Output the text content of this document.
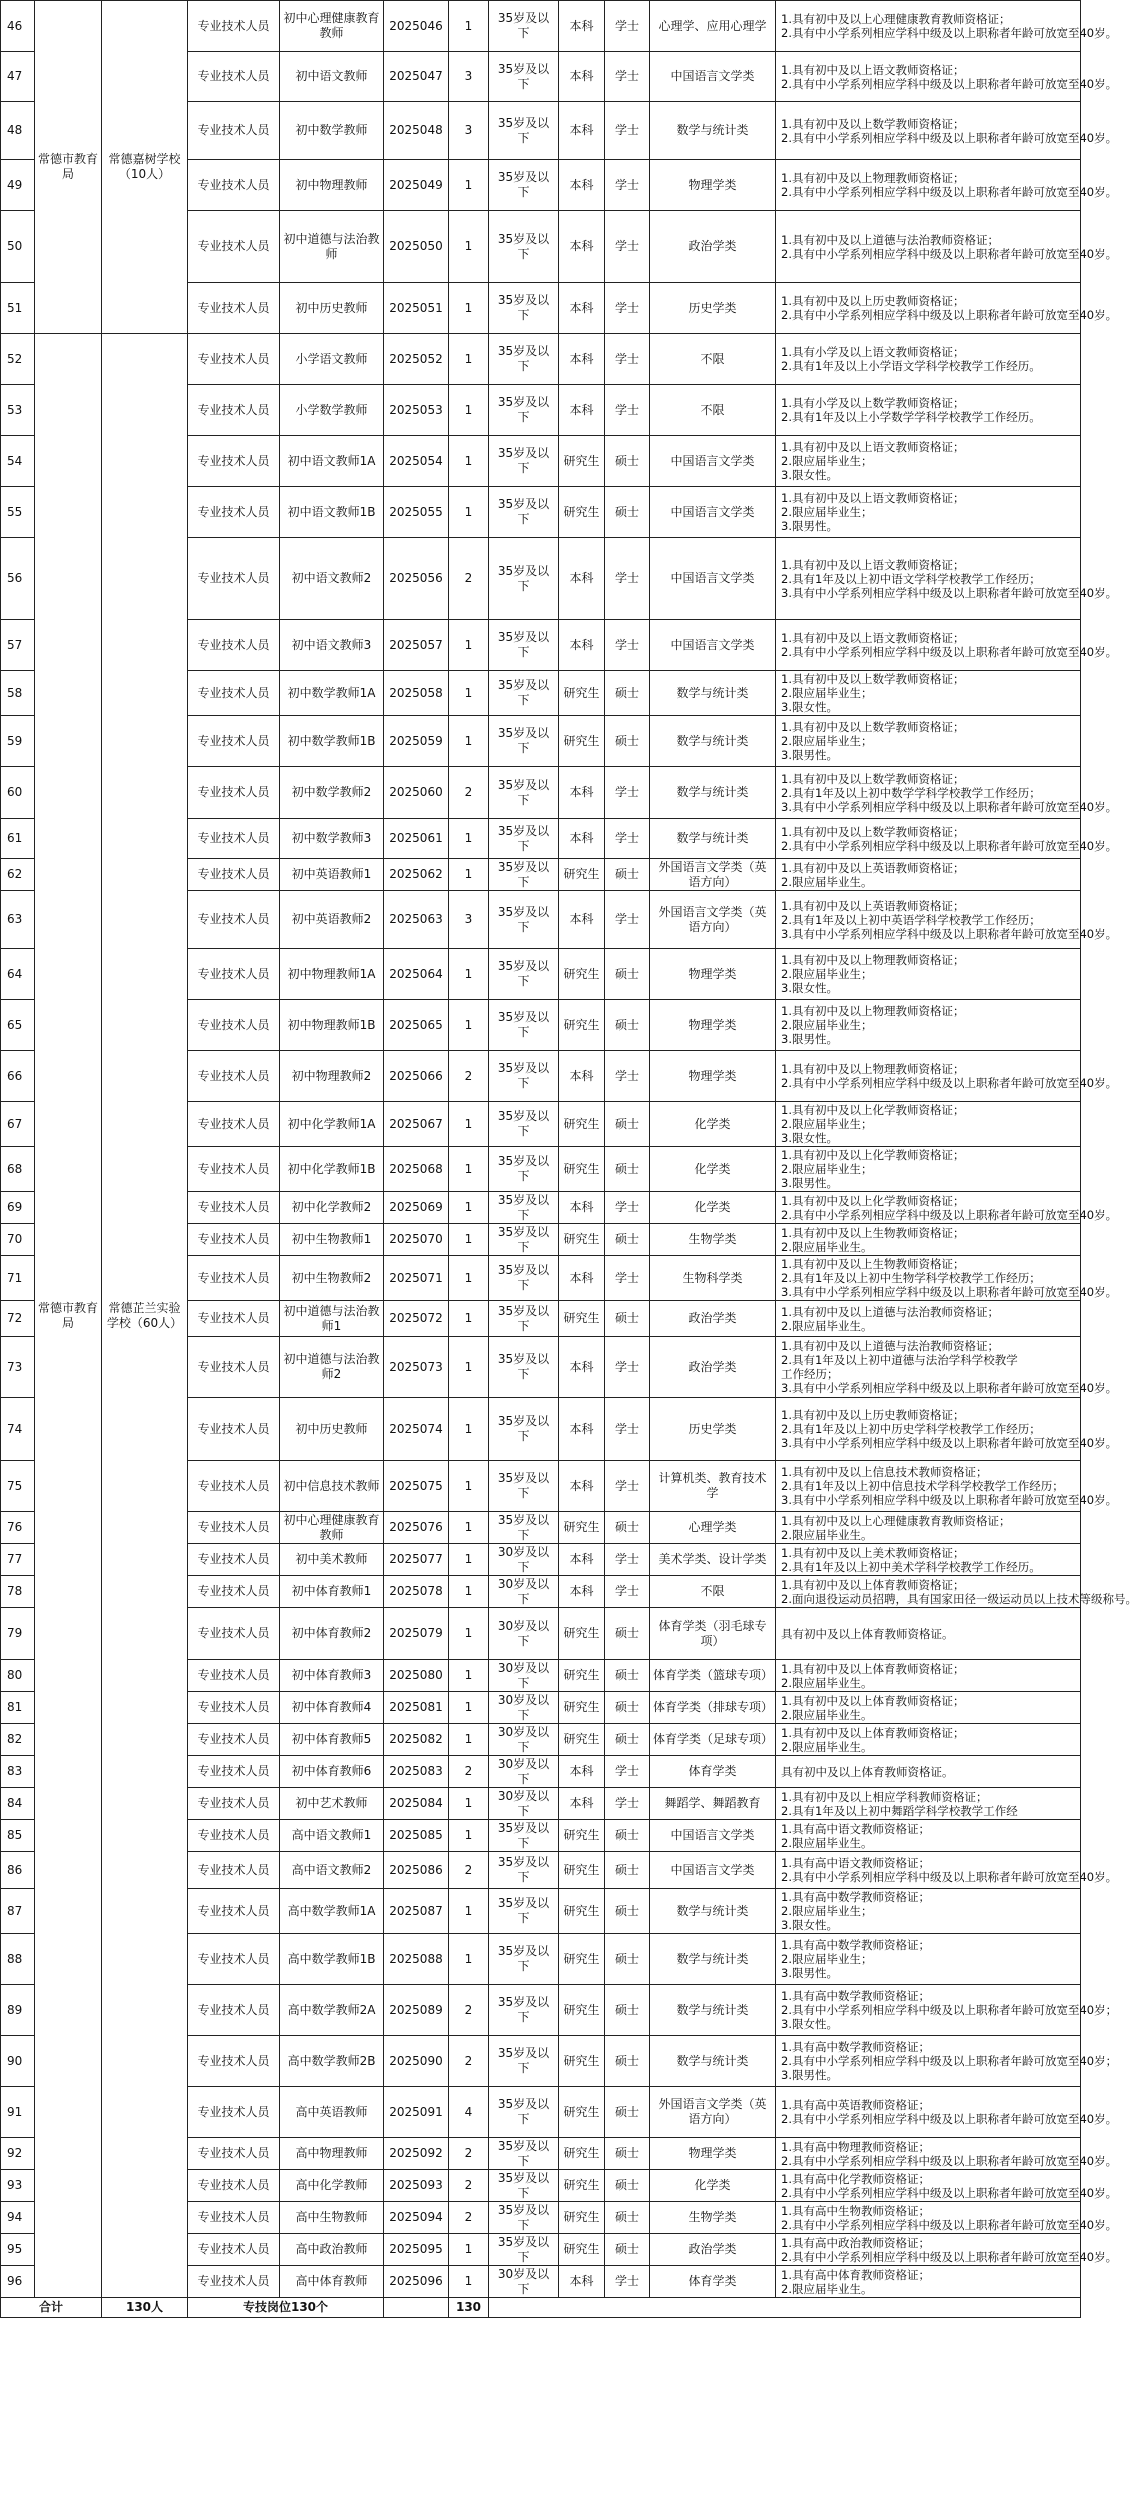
46	常德市教育局	常德嘉树学校（10人）	专业技术人员	初中心理健康教育教师	2025046	1	35岁及以下	本科	学士	心理学、应用心理学	1.具有初中及以上心理健康教育教师资格证；
2.具有中小学系列相应学科中级及以上职称者年龄可放宽至40岁。

47			专业技术人员	初中语文教师	2025047	3	35岁及以下	本科	学士	中国语言文学类	1.具有初中及以上语文教师资格证；
2.具有中小学系列相应学科中级及以上职称者年龄可放宽至40岁。

48			专业技术人员	初中数学教师	2025048	3	35岁及以下	本科	学士	数学与统计类	1.具有初中及以上数学教师资格证；
2.具有中小学系列相应学科中级及以上职称者年龄可放宽至40岁。

49			专业技术人员	初中物理教师	2025049	1	35岁及以下	本科	学士	物理学类	1.具有初中及以上物理教师资格证；
2.具有中小学系列相应学科中级及以上职称者年龄可放宽至40岁。

50			专业技术人员	初中道德与法治教师	2025050	1	35岁及以下	本科	学士	政治学类	1.具有初中及以上道德与法治教师资格证；
2.具有中小学系列相应学科中级及以上职称者年龄可放宽至40岁。

51			专业技术人员	初中历史教师	2025051	1	35岁及以下	本科	学士	历史学类	1.具有初中及以上历史教师资格证；
2.具有中小学系列相应学科中级及以上职称者年龄可放宽至40岁。

52	常德市教育局	常德芷兰实验学校（60人）	专业技术人员	小学语文教师	2025052	1	35岁及以下	本科	学士	不限	1.具有小学及以上语文教师资格证；
2.具有1年及以上小学语文学科学校教学工作经历。

53			专业技术人员	小学数学教师	2025053	1	35岁及以下	本科	学士	不限	1.具有小学及以上数学教师资格证；
2.具有1年及以上小学数学学科学校教学工作经历。

54			专业技术人员	初中语文教师1A	2025054	1	35岁及以下	研究生	硕士	中国语言文学类	1.具有初中及以上语文教师资格证；
2.限应届毕业生；
3.限女性。

55			专业技术人员	初中语文教师1B	2025055	1	35岁及以下	研究生	硕士	中国语言文学类	1.具有初中及以上语文教师资格证；
2.限应届毕业生；
3.限男性。

56			专业技术人员	初中语文教师2	2025056	2	35岁及以下	本科	学士	中国语言文学类	1.具有初中及以上语文教师资格证；
2.具有1年及以上初中语文学科学校教学工作经历；
3.具有中小学系列相应学科中级及以上职称者年龄可放宽至40岁。

57			专业技术人员	初中语文教师3	2025057	1	35岁及以下	本科	学士	中国语言文学类	1.具有初中及以上语文教师资格证；
2.具有中小学系列相应学科中级及以上职称者年龄可放宽至40岁。

58			专业技术人员	初中数学教师1A	2025058	1	35岁及以下	研究生	硕士	数学与统计类	1.具有初中及以上数学教师资格证；
2.限应届毕业生；
3.限女性。

59			专业技术人员	初中数学教师1B	2025059	1	35岁及以下	研究生	硕士	数学与统计类	1.具有初中及以上数学教师资格证；
2.限应届毕业生；
3.限男性。

60			专业技术人员	初中数学教师2	2025060	2	35岁及以下	本科	学士	数学与统计类	1.具有初中及以上数学教师资格证；
2.具有1年及以上初中数学学科学校教学工作经历；
3.具有中小学系列相应学科中级及以上职称者年龄可放宽至40岁。

61			专业技术人员	初中数学教师3	2025061	1	35岁及以下	本科	学士	数学与统计类	1.具有初中及以上数学教师资格证；
2.具有中小学系列相应学科中级及以上职称者年龄可放宽至40岁。

62			专业技术人员	初中英语教师1	2025062	1	35岁及以下	研究生	硕士	外国语言文学类（英语方向）	1.具有初中及以上英语教师资格证；
2.限应届毕业生。

63			专业技术人员	初中英语教师2	2025063	3	35岁及以下	本科	学士	外国语言文学类（英语方向）	1.具有初中及以上英语教师资格证；
2.具有1年及以上初中英语学科学校教学工作经历；
3.具有中小学系列相应学科中级及以上职称者年龄可放宽至40岁。

64			专业技术人员	初中物理教师1A	2025064	1	35岁及以下	研究生	硕士	物理学类	1.具有初中及以上物理教师资格证；
2.限应届毕业生；
3.限女性。

65			专业技术人员	初中物理教师1B	2025065	1	35岁及以下	研究生	硕士	物理学类	1.具有初中及以上物理教师资格证；
2.限应届毕业生；
3.限男性。

66			专业技术人员	初中物理教师2	2025066	2	35岁及以下	本科	学士	物理学类	1.具有初中及以上物理教师资格证；
2.具有中小学系列相应学科中级及以上职称者年龄可放宽至40岁。

67			专业技术人员	初中化学教师1A	2025067	1	35岁及以下	研究生	硕士	化学类	1.具有初中及以上化学教师资格证；
2.限应届毕业生；
3.限女性。

68			专业技术人员	初中化学教师1B	2025068	1	35岁及以下	研究生	硕士	化学类	1.具有初中及以上化学教师资格证；
2.限应届毕业生；
3.限男性。

69			专业技术人员	初中化学教师2	2025069	1	35岁及以下	本科	学士	化学类	1.具有初中及以上化学教师资格证；
2.具有中小学系列相应学科中级及以上职称者年龄可放宽至40岁。

70			专业技术人员	初中生物教师1	2025070	1	35岁及以下	研究生	硕士	生物学类	1.具有初中及以上生物教师资格证；
2.限应届毕业生。

71			专业技术人员	初中生物教师2	2025071	1	35岁及以下	本科	学士	生物科学类	1.具有初中及以上生物教师资格证；
2.具有1年及以上初中生物学科学校教学工作经历；
3.具有中小学系列相应学科中级及以上职称者年龄可放宽至40岁。

72			专业技术人员	初中道德与法治教师1	2025072	1	35岁及以下	研究生	硕士	政治学类	1.具有初中及以上道德与法治教师资格证；
2.限应届毕业生。

73			专业技术人员	初中道德与法治教师2	2025073	1	35岁及以下	本科	学士	政治学类	1.具有初中及以上道德与法治教师资格证；
2.具有1年及以上初中道德与法治学科学校教学
工作经历；
3.具有中小学系列相应学科中级及以上职称者年龄可放宽至40岁。

74			专业技术人员	初中历史教师	2025074	1	35岁及以下	本科	学士	历史学类	1.具有初中及以上历史教师资格证；
2.具有1年及以上初中历史学科学校教学工作经历；
3.具有中小学系列相应学科中级及以上职称者年龄可放宽至40岁。

75			专业技术人员	初中信息技术教师	2025075	1	35岁及以下	本科	学士	计算机类、教育技术学	1.具有初中及以上信息技术教师资格证；
2.具有1年及以上初中信息技术学科学校教学工作经历；
3.具有中小学系列相应学科中级及以上职称者年龄可放宽至40岁。

76			专业技术人员	初中心理健康教育教师	2025076	1	35岁及以下	研究生	硕士	心理学类	1.具有初中及以上心理健康教育教师资格证；
2.限应届毕业生。

77			专业技术人员	初中美术教师	2025077	1	30岁及以下	本科	学士	美术学类、设计学类	1.具有初中及以上美术教师资格证；
2.具有1年及以上初中美术学科学校教学工作经历。

78			专业技术人员	初中体育教师1	2025078	1	30岁及以下	本科	学士	不限	1.具有初中及以上体育教师资格证；
2.面向退役运动员招聘，具有国家田径一级运动员以上技术等级称号。

79			专业技术人员	初中体育教师2	2025079	1	30岁及以下	研究生	硕士	体育学类（羽毛球专项）	具有初中及以上体育教师资格证。

80			专业技术人员	初中体育教师3	2025080	1	30岁及以下	研究生	硕士	体育学类（篮球专项）	1.具有初中及以上体育教师资格证；
2.限应届毕业生。

81			专业技术人员	初中体育教师4	2025081	1	30岁及以下	研究生	硕士	体育学类（排球专项）	1.具有初中及以上体育教师资格证；
2.限应届毕业生。

82			专业技术人员	初中体育教师5	2025082	1	30岁及以下	研究生	硕士	体育学类（足球专项）	1.具有初中及以上体育教师资格证；
2.限应届毕业生。

83			专业技术人员	初中体育教师6	2025083	2	30岁及以下	本科	学士	体育学类	具有初中及以上体育教师资格证。

84			专业技术人员	初中艺术教师	2025084	1	30岁及以下	本科	学士	舞蹈学、舞蹈教育	1.具有初中及以上相应学科教师资格证；
2.具有1年及以上初中舞蹈学科学校教学工作经

85			专业技术人员	高中语文教师1	2025085	1	35岁及以下	研究生	硕士	中国语言文学类	1.具有高中语文教师资格证；
2.限应届毕业生。

86			专业技术人员	高中语文教师2	2025086	2	35岁及以下	研究生	硕士	中国语言文学类	1.具有高中语文教师资格证；
2.具有中小学系列相应学科中级及以上职称者年龄可放宽至40岁。

87			专业技术人员	高中数学教师1A	2025087	1	35岁及以下	研究生	硕士	数学与统计类	1.具有高中数学教师资格证；
2.限应届毕业生；
3.限女性。

88			专业技术人员	高中数学教师1B	2025088	1	35岁及以下	研究生	硕士	数学与统计类	1.具有高中数学教师资格证；
2.限应届毕业生；
3.限男性。

89			专业技术人员	高中数学教师2A	2025089	2	35岁及以下	研究生	硕士	数学与统计类	1.具有高中数学教师资格证；
2.具有中小学系列相应学科中级及以上职称者年龄可放宽至40岁；
3.限女性。

90			专业技术人员	高中数学教师2B	2025090	2	35岁及以下	研究生	硕士	数学与统计类	1.具有高中数学教师资格证；
2.具有中小学系列相应学科中级及以上职称者年龄可放宽至40岁；
3.限男性。

91			专业技术人员	高中英语教师	2025091	4	35岁及以下	研究生	硕士	外国语言文学类（英语方向）	1.具有高中英语教师资格证；
2.具有中小学系列相应学科中级及以上职称者年龄可放宽至40岁。

92			专业技术人员	高中物理教师	2025092	2	35岁及以下	研究生	硕士	物理学类	1.具有高中物理教师资格证；
2.具有中小学系列相应学科中级及以上职称者年龄可放宽至40岁。

93			专业技术人员	高中化学教师	2025093	2	35岁及以下	研究生	硕士	化学类	1.具有高中化学教师资格证；
2.具有中小学系列相应学科中级及以上职称者年龄可放宽至40岁。

94			专业技术人员	高中生物教师	2025094	2	35岁及以下	研究生	硕士	生物学类	1.具有高中生物教师资格证；
2.具有中小学系列相应学科中级及以上职称者年龄可放宽至40岁。

95			专业技术人员	高中政治教师	2025095	1	35岁及以下	研究生	硕士	政治学类	1.具有高中政治教师资格证；
2.具有中小学系列相应学科中级及以上职称者年龄可放宽至40岁。

96			专业技术人员	高中体育教师	2025096	1	30岁及以下	本科	学士	体育学类	1.具有高中体育教师资格证；
2.限应届毕业生。

合计		130人	专技岗位130个			130					
